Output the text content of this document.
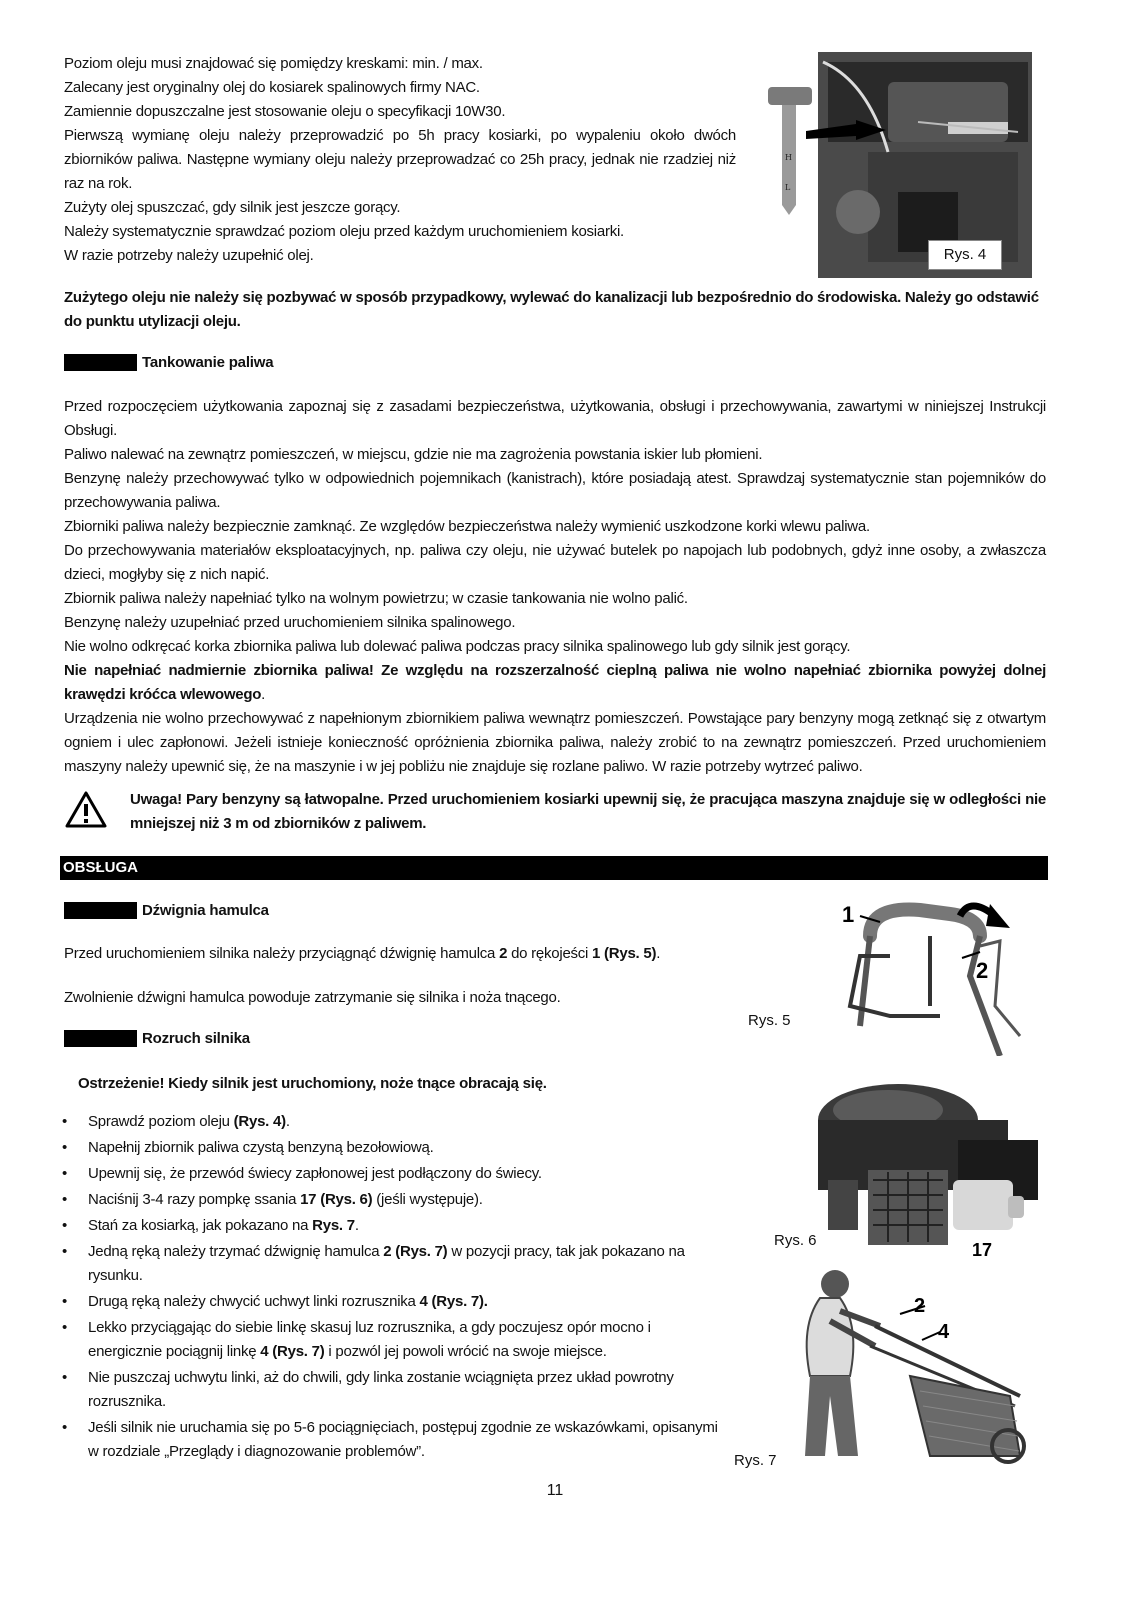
Poziom oleju musi znajdować się pomiędzy kreskami: min. / max.

Zalecany jest oryginalny olej do kosiarek spalinowych firmy NAC.

Zamiennie dopuszczalne jest stosowanie oleju o specyfikacji 10W30.

Pierwszą wymianę oleju należy przeprowadzić po 5h pracy kosiarki, po wypaleniu około dwóch zbiorników paliwa. Następne wymiany oleju należy przeprowadzać co 25h pracy, jednak nie rzadziej niż raz na rok.

Zużyty olej spuszczać, gdy silnik jest jeszcze gorący.

Należy systematycznie sprawdzać poziom oleju przed każdym uruchomieniem kosiarki.

W razie potrzeby należy uzupełnić olej.

H
L
Rys. 4
Zużytego oleju nie należy się pozbywać w sposób przypadkowy, wylewać do kanalizacji lub bezpośrednio do środowiska. Należy go odstawić do punktu utylizacji oleju.
Tankowanie paliwa

Przed rozpoczęciem użytkowania zapoznaj się z zasadami bezpieczeństwa, użytkowania, obsługi i przechowywania, zawartymi w niniejszej Instrukcji Obsługi.

Paliwo nalewać na zewnątrz pomieszczeń, w miejscu, gdzie nie ma zagrożenia powstania iskier lub płomieni.

Benzynę należy przechowywać tylko w odpowiednich pojemnikach (kanistrach), które posiadają atest. Sprawdzaj systematycznie stan pojemników do przechowywania paliwa.

Zbiorniki paliwa należy bezpiecznie zamknąć. Ze względów bezpieczeństwa należy wymienić uszkodzone korki wlewu paliwa.

Do przechowywania materiałów eksploatacyjnych, np. paliwa czy oleju, nie używać butelek po napojach lub podobnych, gdyż inne osoby, a zwłaszcza dzieci, mogłyby się z nich napić.

Zbiornik paliwa należy napełniać tylko na wolnym powietrzu; w czasie tankowania nie wolno palić.

Benzynę należy uzupełniać przed uruchomieniem silnika spalinowego.

Nie wolno odkręcać korka zbiornika paliwa lub dolewać paliwa podczas pracy silnika spalinowego lub gdy silnik jest gorący.

Nie napełniać nadmiernie zbiornika paliwa! Ze względu na rozszerzalność cieplną paliwa nie wolno napełniać zbiornika powyżej dolnej krawędzi króćca wlewowego.

Urządzenia nie wolno przechowywać z napełnionym zbiornikiem paliwa wewnątrz pomieszczeń. Powstające pary benzyny mogą zetknąć się z otwartym ogniem i ulec zapłonowi. Jeżeli istnieje konieczność opróżnienia zbiornika paliwa, należy zrobić to na zewnątrz pomieszczeń. Przed uruchomieniem maszyny należy upewnić się, że na maszynie i w jej pobliżu nie znajduje się rozlane paliwo. W razie potrzeby wytrzeć paliwo.

Uwaga! Pary benzyny są łatwopalne. Przed uruchomieniem kosiarki upewnij się, że pracująca maszyna znajduje się w odległości nie mniejszej niż 3 m od zbiorników z paliwem.
OBSŁUGA
Dźwignia hamulca
Przed uruchomieniem silnika należy przyciągnąć dźwignię hamulca 2 do rękojeści 1 (Rys. 5).
Zwolnienie dźwigni hamulca powoduje zatrzymanie się silnika i noża tnącego.
1
2
Rys. 5
Rozruch silnika
Ostrzeżenie! Kiedy silnik jest uruchomiony, noże tnące obracają się.
• Sprawdź poziom oleju (Rys. 4).
• Napełnij zbiornik paliwa czystą benzyną bezołowiową.
• Upewnij się, że przewód świecy zapłonowej jest podłączony do świecy.
• Naciśnij 3-4 razy pompkę ssania 17 (Rys. 6) (jeśli występuje).
• Stań za kosiarką, jak pokazano na Rys. 7.
• Jedną ręką należy trzymać dźwignię hamulca 2 (Rys. 7) w pozycji pracy, tak jak pokazano na rysunku.
• Drugą ręką należy chwycić uchwyt linki rozrusznika 4 (Rys. 7).
• Lekko przyciągając do siebie linkę skasuj luz rozrusznika, a gdy poczujesz opór mocno i energicznie pociągnij linkę 4 (Rys. 7) i pozwól jej powoli wrócić na swoje miejsce.
• Nie puszczaj uchwytu linki, aż do chwili, gdy linka zostanie wciągnięta przez układ powrotny rozrusznika.
• Jeśli silnik nie uruchamia się po 5-6 pociągnięciach, postępuj zgodnie ze wskazówkami, opisanymi w rozdziale „Przeglądy i diagnozowanie problemów”.
17
Rys. 6
2
4
Rys. 7
11
